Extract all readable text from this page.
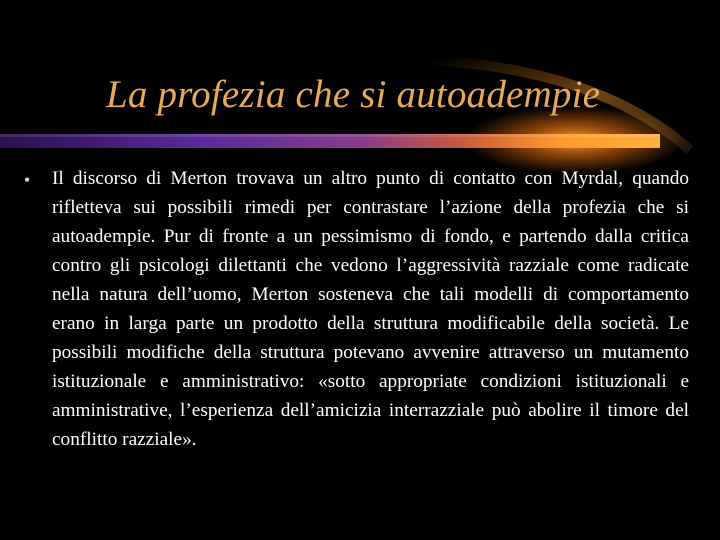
La profezia che si autoadempie
• Il discorso di Merton trovava un altro punto di contatto con Myrdal, quando rifletteva sui possibili rimedi per contrastare l’azione della profezia che si autoadempie. Pur di fronte a un pessimismo di fondo, e partendo dalla critica contro gli psicologi dilettanti che vedono l’aggressività razziale come radicate nella natura dell’uomo, Merton sosteneva che tali modelli di comportamento erano in larga parte un prodotto della struttura modificabile della società. Le possibili modifiche della struttura potevano avvenire attraverso un mutamento istituzionale e amministrativo: «sotto appropriate condizioni istituzionali e amministrative, l’esperienza dell’amicizia interrazziale può abolire il timore del conflitto razziale».
